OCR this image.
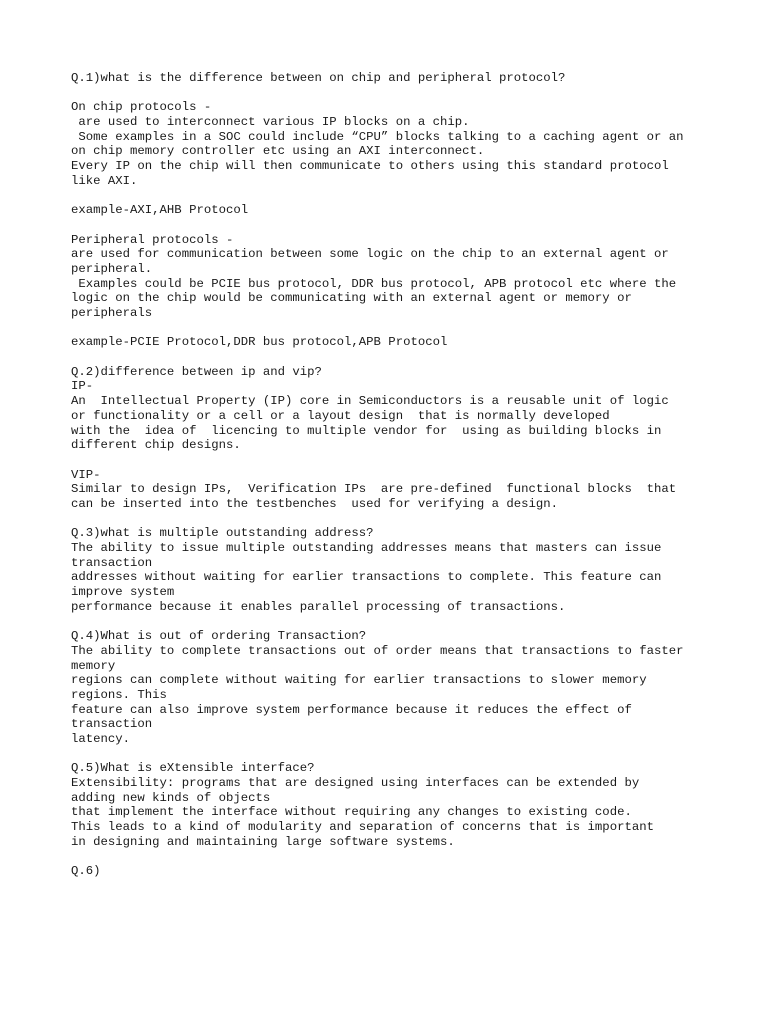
Q.1)what is the difference between on chip and peripheral protocol?
On chip protocols -
are used to interconnect various IP blocks on a chip.
Some examples in a SOC could include “CPU” blocks talking to a caching agent or an
on chip memory controller etc using an AXI interconnect.
Every IP on the chip will then communicate to others using this standard protocol
like AXI.
example-AXI,AHB Protocol
Peripheral protocols -
are used for communication between some logic on the chip to an external agent or
peripheral.
Examples could be PCIE bus protocol, DDR bus protocol, APB protocol etc where the
logic on the chip would be communicating with an external agent or memory or
peripherals
example-PCIE Protocol,DDR bus protocol,APB Protocol
Q.2)difference between ip and vip?
IP-
An  Intellectual Property (IP) core in Semiconductors is a reusable unit of logic
or functionality or a cell or a layout design  that is normally developed
with the  idea of  licencing to multiple vendor for  using as building blocks in
different chip designs.
VIP-
Similar to design IPs,  Verification IPs  are pre-defined  functional blocks  that
can be inserted into the testbenches  used for verifying a design.
Q.3)what is multiple outstanding address?
The ability to issue multiple outstanding addresses means that masters can issue
transaction
addresses without waiting for earlier transactions to complete. This feature can
improve system
performance because it enables parallel processing of transactions.
Q.4)What is out of ordering Transaction?
The ability to complete transactions out of order means that transactions to faster
memory
regions can complete without waiting for earlier transactions to slower memory
regions. This
feature can also improve system performance because it reduces the effect of
transaction
latency.
Q.5)What is eXtensible interface?
Extensibility: programs that are designed using interfaces can be extended by
adding new kinds of objects
that implement the interface without requiring any changes to existing code.
This leads to a kind of modularity and separation of concerns that is important
in designing and maintaining large software systems.
Q.6)
